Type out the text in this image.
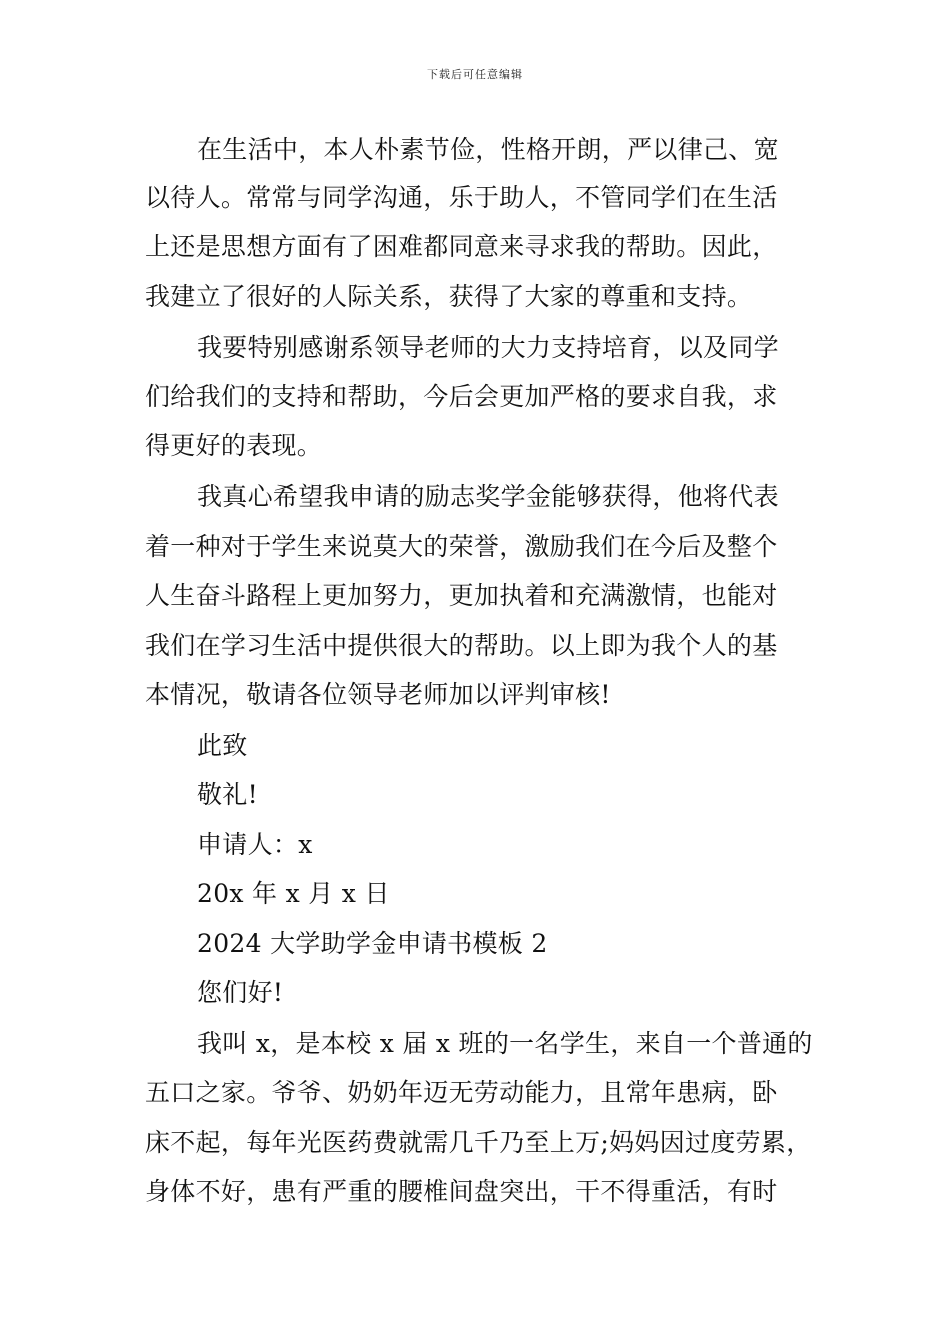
下载后可任意编辑
在生活中，本人朴素节俭，性格开朗，严以律己、宽
以待人。常常与同学沟通，乐于助人，不管同学们在生活
上还是思想方面有了困难都同意来寻求我的帮助。因此，
我建立了很好的人际关系，获得了大家的尊重和支持。
我要特别感谢系领导老师的大力支持培育，以及同学
们给我们的支持和帮助，今后会更加严格的要求自我，求
得更好的表现。
我真心希望我申请的励志奖学金能够获得，他将代表
着一种对于学生来说莫大的荣誉，激励我们在今后及整个
人生奋斗路程上更加努力，更加执着和充满激情，也能对
我们在学习生活中提供很大的帮助。以上即为我个人的基
本情况，敬请各位领导老师加以评判审核!
此致
敬礼!
申请人：x
20x 年 x 月 x 日
2024 大学助学金申请书模板 2
您们好!
我叫 x，是本校 x 届 x 班的一名学生，来自一个普通的
五口之家。爷爷、奶奶年迈无劳动能力，且常年患病，卧
床不起，每年光医药费就需几千乃至上万;妈妈因过度劳累，
身体不好，患有严重的腰椎间盘突出，干不得重活，有时
